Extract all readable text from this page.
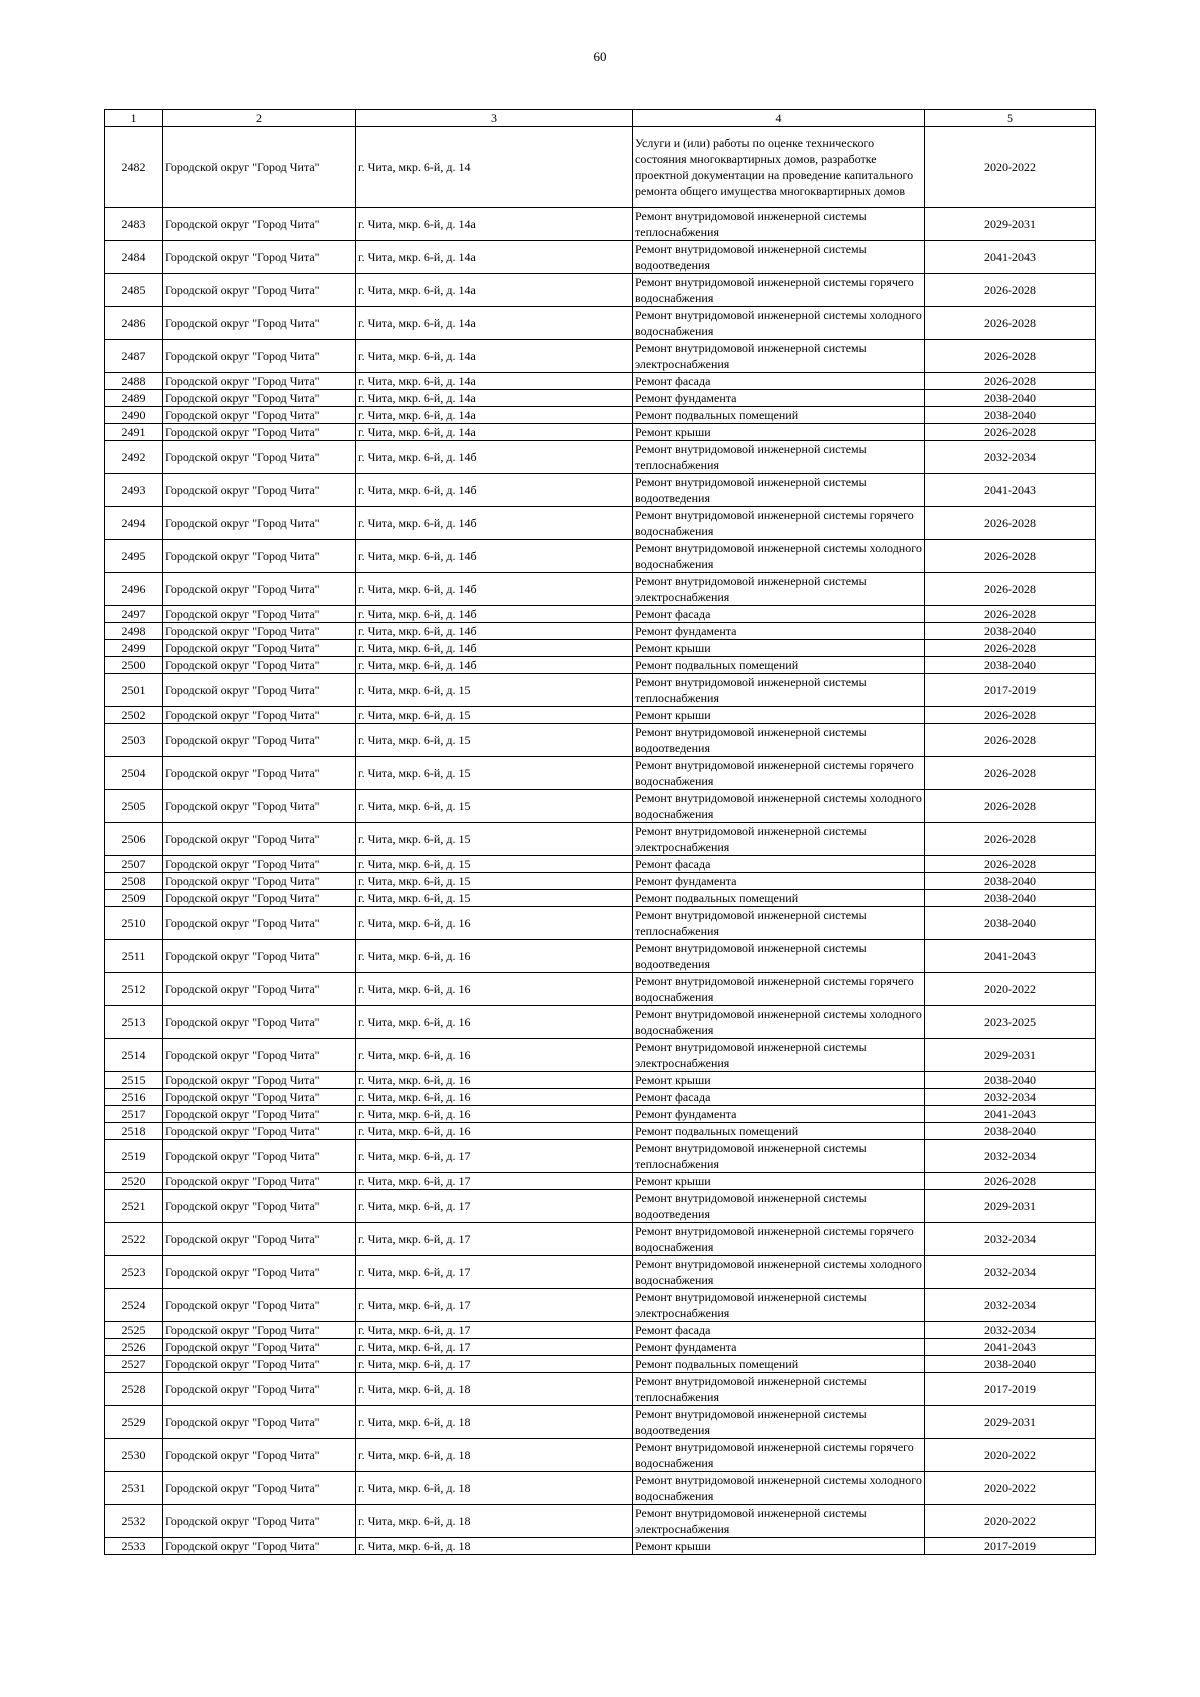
60
1	2	3	4	5
2482	Городской округ "Город Чита"	г. Чита, мкр. 6-й, д. 14	Услуги и (или) работы по оценке технического состояния многоквартирных домов, разработке проектной документации на проведение капитального ремонта общего имущества многоквартирных домов	2020-2022
2483	Городской округ "Город Чита"	г. Чита, мкр. 6-й, д. 14а	Ремонт внутридомовой инженерной системы теплоснабжения	2029-2031
2484	Городской округ "Город Чита"	г. Чита, мкр. 6-й, д. 14а	Ремонт внутридомовой инженерной системы водоотведения	2041-2043
2485	Городской округ "Город Чита"	г. Чита, мкр. 6-й, д. 14а	Ремонт внутридомовой инженерной системы горячего водоснабжения	2026-2028
2486	Городской округ "Город Чита"	г. Чита, мкр. 6-й, д. 14а	Ремонт внутридомовой инженерной системы холодного водоснабжения	2026-2028
2487	Городской округ "Город Чита"	г. Чита, мкр. 6-й, д. 14а	Ремонт внутридомовой инженерной системы электроснабжения	2026-2028
2488	Городской округ "Город Чита"	г. Чита, мкр. 6-й, д. 14а	Ремонт фасада	2026-2028
2489	Городской округ "Город Чита"	г. Чита, мкр. 6-й, д. 14а	Ремонт фундамента	2038-2040
2490	Городской округ "Город Чита"	г. Чита, мкр. 6-й, д. 14а	Ремонт подвальных помещений	2038-2040
2491	Городской округ "Город Чита"	г. Чита, мкр. 6-й, д. 14а	Ремонт крыши	2026-2028
2492	Городской округ "Город Чита"	г. Чита, мкр. 6-й, д. 14б	Ремонт внутридомовой инженерной системы теплоснабжения	2032-2034
2493	Городской округ "Город Чита"	г. Чита, мкр. 6-й, д. 14б	Ремонт внутридомовой инженерной системы водоотведения	2041-2043
2494	Городской округ "Город Чита"	г. Чита, мкр. 6-й, д. 14б	Ремонт внутридомовой инженерной системы горячего водоснабжения	2026-2028
2495	Городской округ "Город Чита"	г. Чита, мкр. 6-й, д. 14б	Ремонт внутридомовой инженерной системы холодного водоснабжения	2026-2028
2496	Городской округ "Город Чита"	г. Чита, мкр. 6-й, д. 14б	Ремонт внутридомовой инженерной системы электроснабжения	2026-2028
2497	Городской округ "Город Чита"	г. Чита, мкр. 6-й, д. 14б	Ремонт фасада	2026-2028
2498	Городской округ "Город Чита"	г. Чита, мкр. 6-й, д. 14б	Ремонт фундамента	2038-2040
2499	Городской округ "Город Чита"	г. Чита, мкр. 6-й, д. 14б	Ремонт крыши	2026-2028
2500	Городской округ "Город Чита"	г. Чита, мкр. 6-й, д. 14б	Ремонт подвальных помещений	2038-2040
2501	Городской округ "Город Чита"	г. Чита, мкр. 6-й, д. 15	Ремонт внутридомовой инженерной системы теплоснабжения	2017-2019
2502	Городской округ "Город Чита"	г. Чита, мкр. 6-й, д. 15	Ремонт крыши	2026-2028
2503	Городской округ "Город Чита"	г. Чита, мкр. 6-й, д. 15	Ремонт внутридомовой инженерной системы водоотведения	2026-2028
2504	Городской округ "Город Чита"	г. Чита, мкр. 6-й, д. 15	Ремонт внутридомовой инженерной системы горячего водоснабжения	2026-2028
2505	Городской округ "Город Чита"	г. Чита, мкр. 6-й, д. 15	Ремонт внутридомовой инженерной системы холодного водоснабжения	2026-2028
2506	Городской округ "Город Чита"	г. Чита, мкр. 6-й, д. 15	Ремонт внутридомовой инженерной системы электроснабжения	2026-2028
2507	Городской округ "Город Чита"	г. Чита, мкр. 6-й, д. 15	Ремонт фасада	2026-2028
2508	Городской округ "Город Чита"	г. Чита, мкр. 6-й, д. 15	Ремонт фундамента	2038-2040
2509	Городской округ "Город Чита"	г. Чита, мкр. 6-й, д. 15	Ремонт подвальных помещений	2038-2040
2510	Городской округ "Город Чита"	г. Чита, мкр. 6-й, д. 16	Ремонт внутридомовой инженерной системы теплоснабжения	2038-2040
2511	Городской округ "Город Чита"	г. Чита, мкр. 6-й, д. 16	Ремонт внутридомовой инженерной системы водоотведения	2041-2043
2512	Городской округ "Город Чита"	г. Чита, мкр. 6-й, д. 16	Ремонт внутридомовой инженерной системы горячего водоснабжения	2020-2022
2513	Городской округ "Город Чита"	г. Чита, мкр. 6-й, д. 16	Ремонт внутридомовой инженерной системы холодного водоснабжения	2023-2025
2514	Городской округ "Город Чита"	г. Чита, мкр. 6-й, д. 16	Ремонт внутридомовой инженерной системы электроснабжения	2029-2031
2515	Городской округ "Город Чита"	г. Чита, мкр. 6-й, д. 16	Ремонт крыши	2038-2040
2516	Городской округ "Город Чита"	г. Чита, мкр. 6-й, д. 16	Ремонт фасада	2032-2034
2517	Городской округ "Город Чита"	г. Чита, мкр. 6-й, д. 16	Ремонт фундамента	2041-2043
2518	Городской округ "Город Чита"	г. Чита, мкр. 6-й, д. 16	Ремонт подвальных помещений	2038-2040
2519	Городской округ "Город Чита"	г. Чита, мкр. 6-й, д. 17	Ремонт внутридомовой инженерной системы теплоснабжения	2032-2034
2520	Городской округ "Город Чита"	г. Чита, мкр. 6-й, д. 17	Ремонт крыши	2026-2028
2521	Городской округ "Город Чита"	г. Чита, мкр. 6-й, д. 17	Ремонт внутридомовой инженерной системы водоотведения	2029-2031
2522	Городской округ "Город Чита"	г. Чита, мкр. 6-й, д. 17	Ремонт внутридомовой инженерной системы горячего водоснабжения	2032-2034
2523	Городской округ "Город Чита"	г. Чита, мкр. 6-й, д. 17	Ремонт внутридомовой инженерной системы холодного водоснабжения	2032-2034
2524	Городской округ "Город Чита"	г. Чита, мкр. 6-й, д. 17	Ремонт внутридомовой инженерной системы электроснабжения	2032-2034
2525	Городской округ "Город Чита"	г. Чита, мкр. 6-й, д. 17	Ремонт фасада	2032-2034
2526	Городской округ "Город Чита"	г. Чита, мкр. 6-й, д. 17	Ремонт фундамента	2041-2043
2527	Городской округ "Город Чита"	г. Чита, мкр. 6-й, д. 17	Ремонт подвальных помещений	2038-2040
2528	Городской округ "Город Чита"	г. Чита, мкр. 6-й, д. 18	Ремонт внутридомовой инженерной системы теплоснабжения	2017-2019
2529	Городской округ "Город Чита"	г. Чита, мкр. 6-й, д. 18	Ремонт внутридомовой инженерной системы водоотведения	2029-2031
2530	Городской округ "Город Чита"	г. Чита, мкр. 6-й, д. 18	Ремонт внутридомовой инженерной системы горячего водоснабжения	2020-2022
2531	Городской округ "Город Чита"	г. Чита, мкр. 6-й, д. 18	Ремонт внутридомовой инженерной системы холодного водоснабжения	2020-2022
2532	Городской округ "Город Чита"	г. Чита, мкр. 6-й, д. 18	Ремонт внутридомовой инженерной системы электроснабжения	2020-2022
2533	Городской округ "Город Чита"	г. Чита, мкр. 6-й, д. 18	Ремонт крыши	2017-2019
